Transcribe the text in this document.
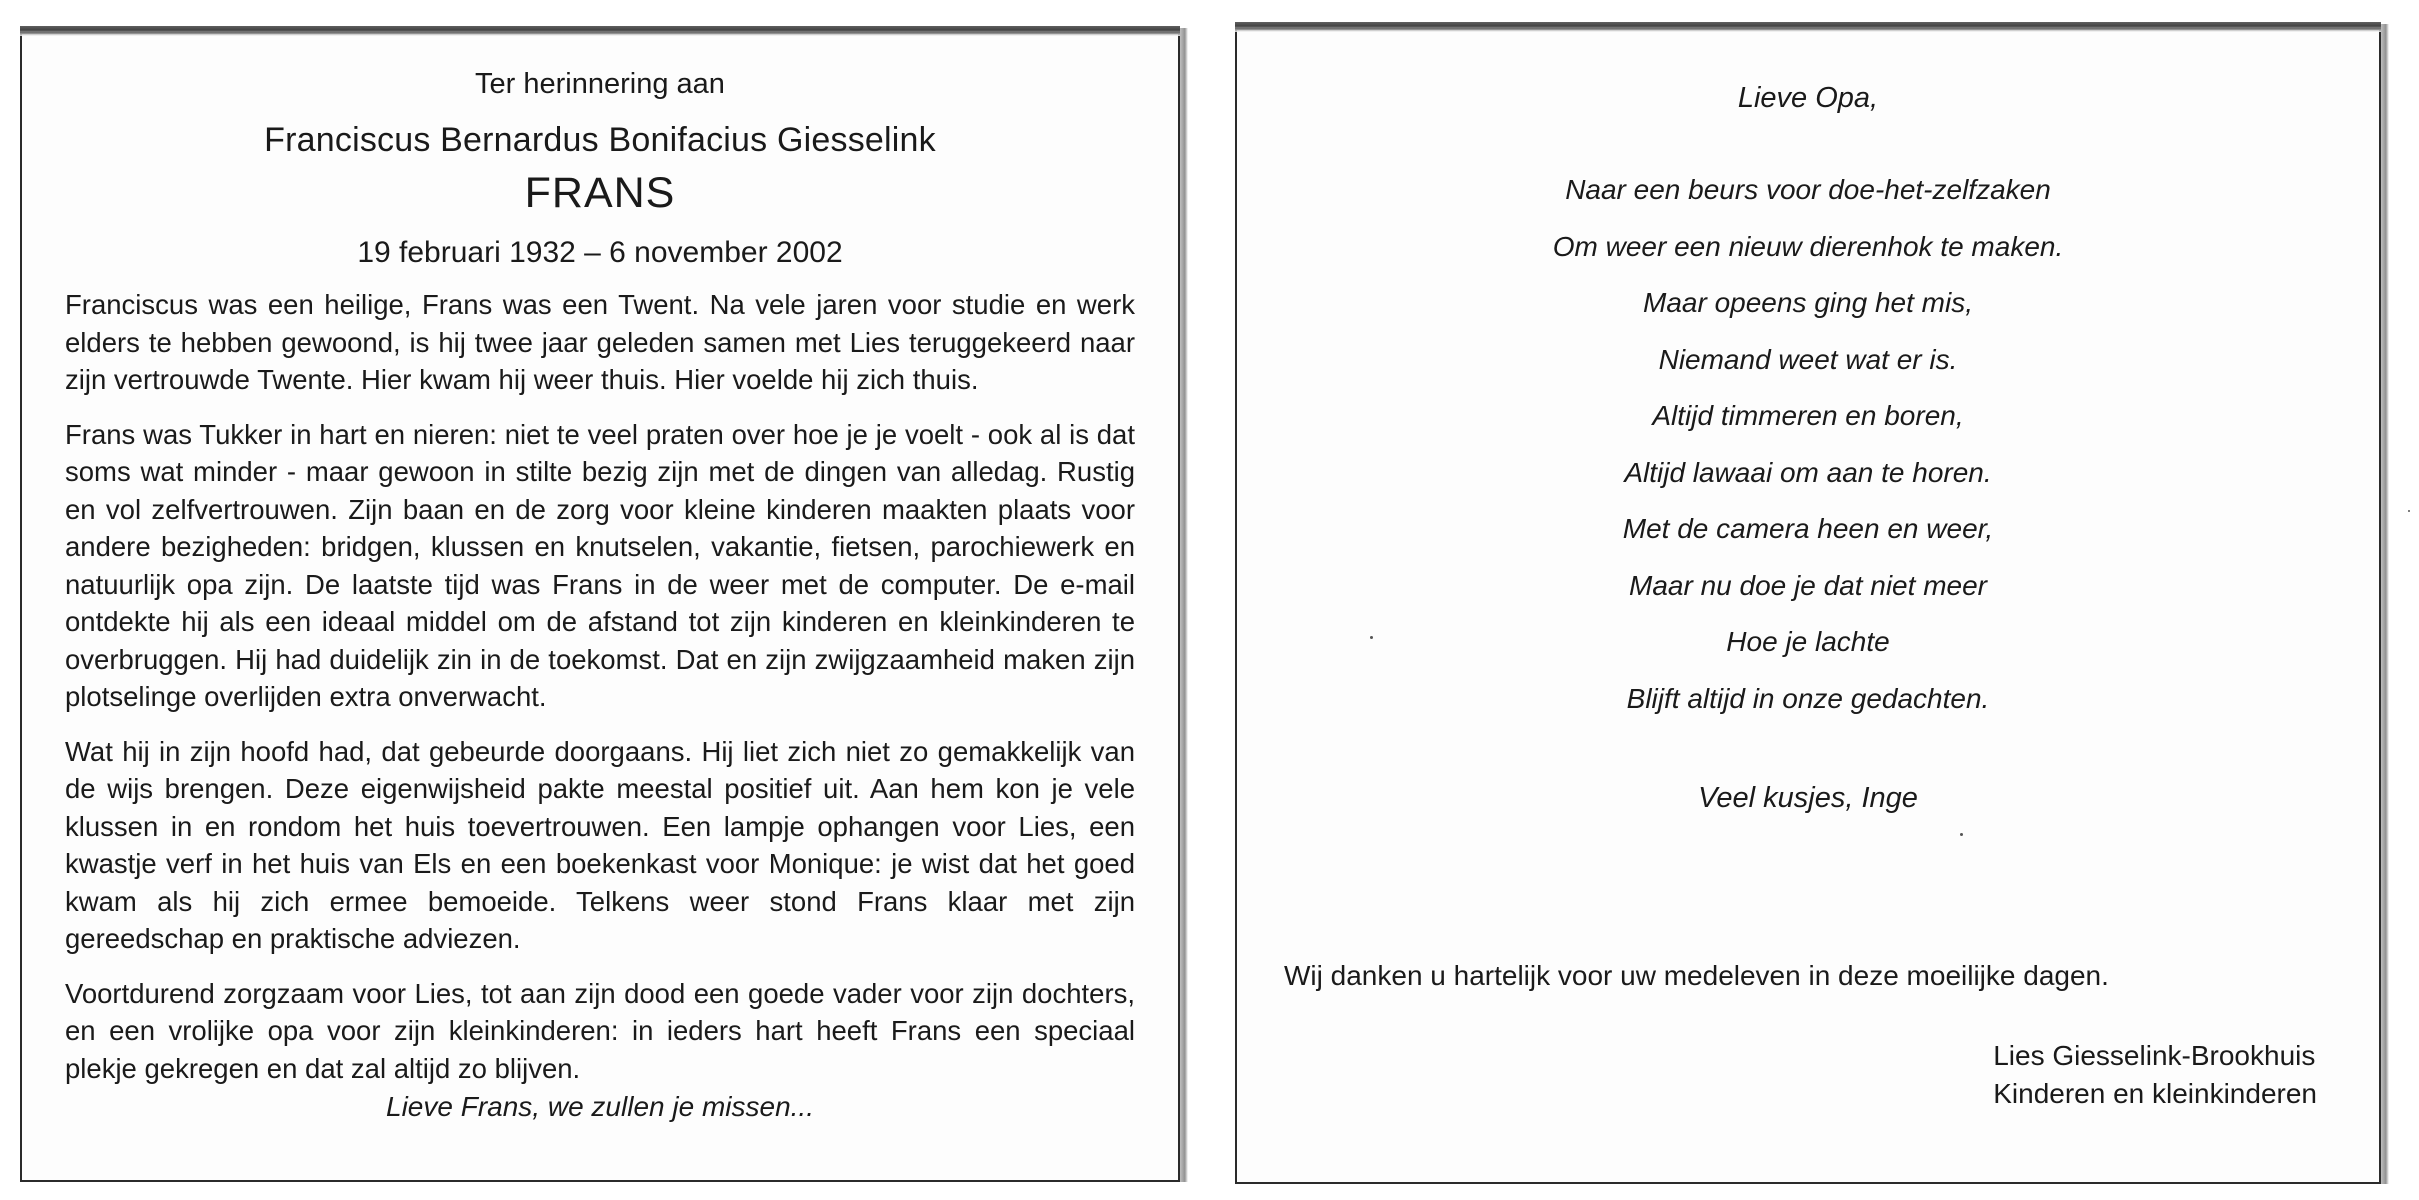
Ter herinnering aan
Franciscus Bernardus Bonifacius Giesselink
FRANS
19 februari 1932 – 6 november 2002

Franciscus was een heilige, Frans was een Twent. Na vele jaren voor studie en werk elders te hebben gewoond, is hij twee jaar geleden samen met Lies teruggekeerd naar zijn vertrouwde Twente. Hier kwam hij weer thuis. Hier voelde hij zich thuis.

Frans was Tukker in hart en nieren: niet te veel praten over hoe je je voelt - ook al is dat soms wat minder - maar gewoon in stilte bezig zijn met de dingen van alledag. Rustig en vol zelfvertrouwen. Zijn baan en de zorg voor kleine kinderen maakten plaats voor andere bezigheden: bridgen, klussen en knutselen, vakantie, fietsen, parochiewerk en natuurlijk opa zijn. De laatste tijd was Frans in de weer met de computer. De e-mail ontdekte hij als een ideaal middel om de afstand tot zijn kinderen en kleinkinderen te overbruggen. Hij had duidelijk zin in de toekomst. Dat en zijn zwijgzaamheid maken zijn plotselinge overlijden extra onverwacht.

Wat hij in zijn hoofd had, dat gebeurde doorgaans. Hij liet zich niet zo gemakkelijk van de wijs brengen. Deze eigenwijsheid pakte meestal positief uit. Aan hem kon je vele klussen in en rondom het huis toevertrouwen. Een lampje ophangen voor Lies, een kwastje verf in het huis van Els en een boekenkast voor Monique: je wist dat het goed kwam als hij zich ermee bemoeide. Telkens weer stond Frans klaar met zijn gereedschap en praktische adviezen.

Voortdurend zorgzaam voor Lies, tot aan zijn dood een goede vader voor zijn dochters, en een vrolijke opa voor zijn kleinkinderen: in ieders hart heeft Frans een speciaal plekje gekregen en dat zal altijd zo blijven.

Lieve Frans, we zullen je missen...
Lieve Opa,
Naar een beurs voor doe-het-zelfzaken
Om weer een nieuw dierenhok te maken.
Maar opeens ging het mis,
Niemand weet wat er is.
Altijd timmeren en boren,
Altijd lawaai om aan te horen.
Met de camera heen en weer,
Maar nu doe je dat niet meer
Hoe je lachte
Blijft altijd in onze gedachten.
Veel kusjes, Inge
Wij danken u hartelijk voor uw medeleven in deze moeilijke dagen.
Lies Giesselink-Brookhuis
Kinderen en kleinkinderen
